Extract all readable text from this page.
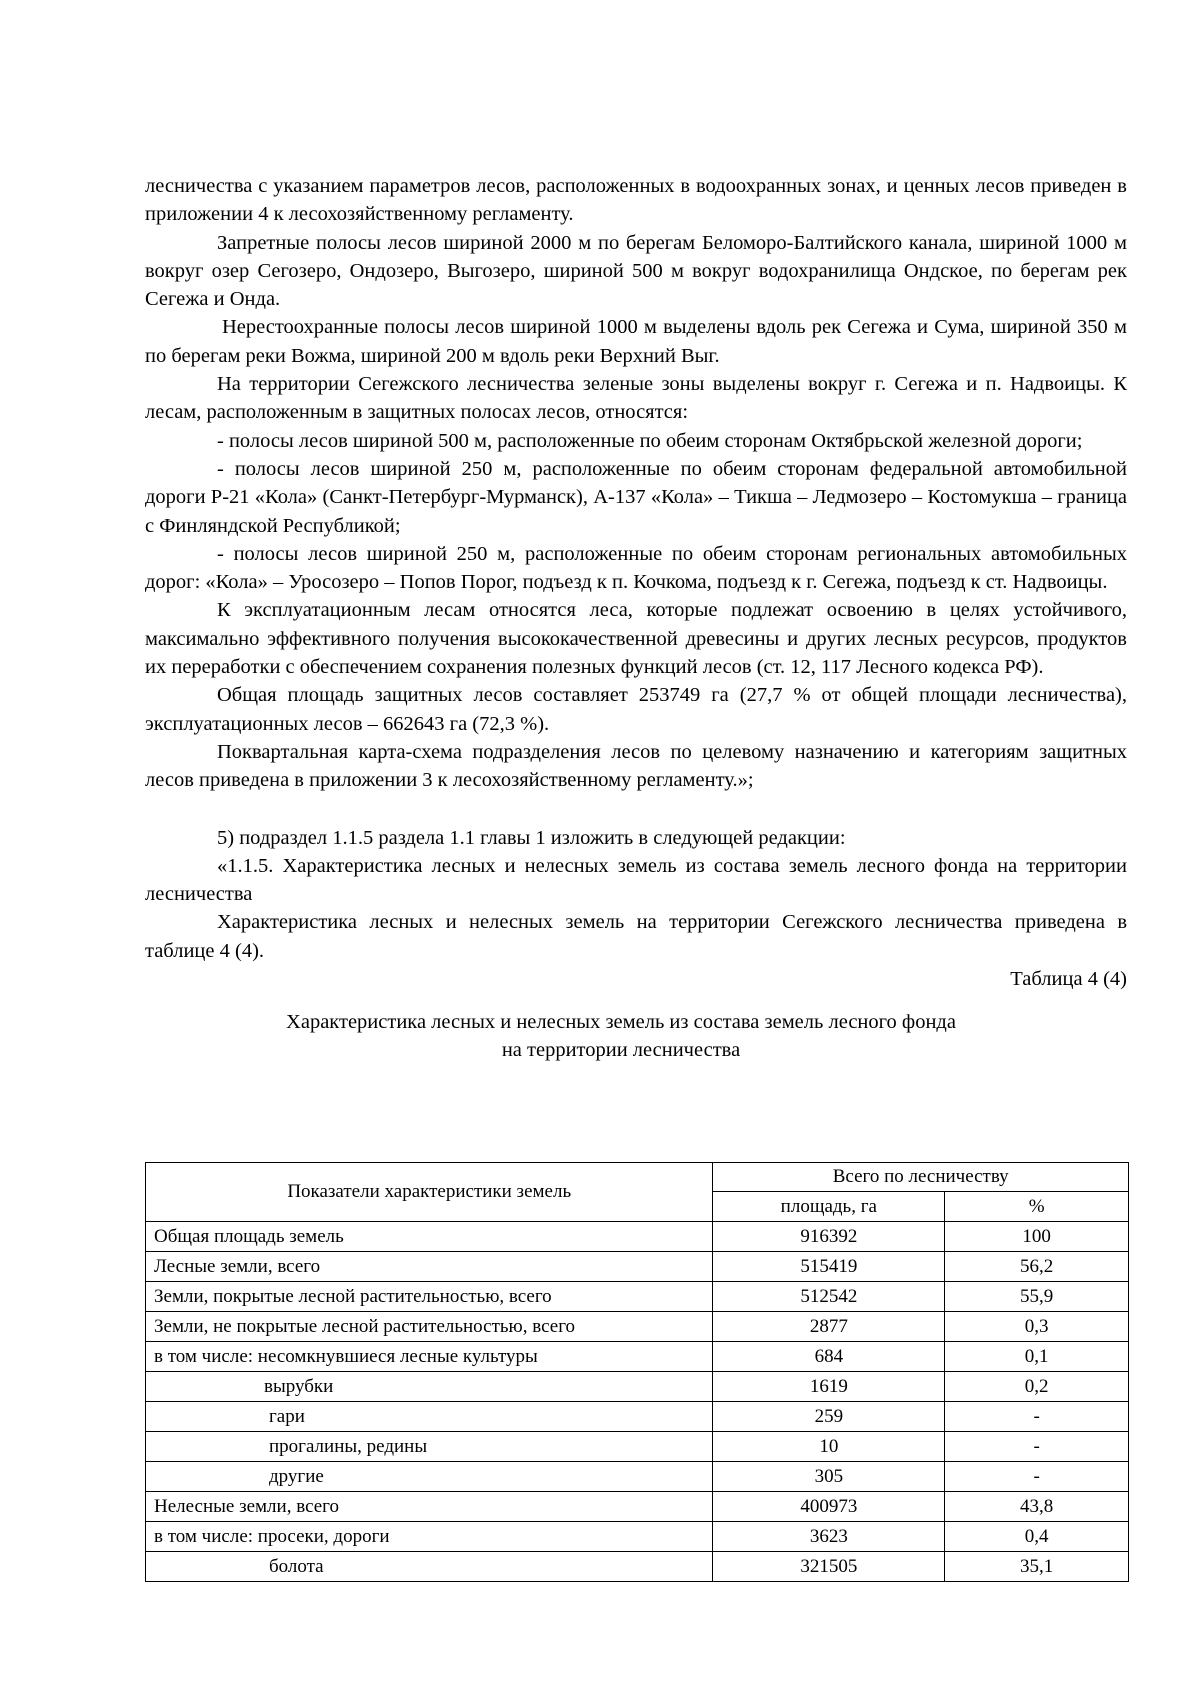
лесничества с указанием параметров лесов, расположенных в водоохранных зонах, и ценных лесов приведен в приложении 4 к лесохозяйственному регламенту.

Запретные полосы лесов шириной 2000 м по берегам Беломоро-Балтийского канала, шириной 1000 м вокруг озер Сегозеро, Ондозеро, Выгозеро, шириной 500 м вокруг водохранилища Ондское, по берегам рек Сегежа и Онда.

Нерестоохранные полосы лесов шириной 1000 м выделены вдоль рек Сегежа и Сума, шириной 350 м по берегам реки Вожма, шириной 200 м вдоль реки Верхний Выг.

На территории Сегежского лесничества зеленые зоны выделены вокруг г. Сегежа и п. Надвоицы. К лесам, расположенным в защитных полосах лесов, относятся:

- полосы лесов шириной 500 м, расположенные по обеим сторонам Октябрьской железной дороги;

- полосы лесов шириной 250 м, расположенные по обеим сторонам федеральной автомобильной дороги Р-21 «Кола» (Санкт-Петербург-Мурманск), А-137 «Кола» – Тикша – Ледмозеро – Костомукша – граница с Финляндской Республикой;

- полосы лесов шириной 250 м, расположенные по обеим сторонам региональных автомобильных дорог: «Кола» – Уросозеро – Попов Порог, подъезд к п. Кочкома, подъезд к г. Сегежа, подъезд к ст. Надвоицы.

К эксплуатационным лесам относятся леса, которые подлежат освоению в целях устойчивого, максимально эффективного получения высококачественной древесины и других лесных ресурсов, продуктов их переработки с обеспечением сохранения полезных функций лесов (ст. 12, 117 Лесного кодекса РФ).

Общая площадь защитных лесов составляет 253749 га (27,7 % от общей площади лесничества), эксплуатационных лесов – 662643 га (72,3 %).

Поквартальная карта-схема подразделения лесов по целевому назначению и категориям защитных лесов приведена в приложении 3 к лесохозяйственному регламенту.»;

5) подраздел 1.1.5 раздела 1.1 главы 1 изложить в следующей редакции:

«1.1.5. Характеристика лесных и нелесных земель из состава земель лесного фонда на территории лесничества

Характеристика лесных и нелесных земель на территории Сегежского лесничества приведена в таблице 4 (4).

Таблица 4 (4)
Характеристика лесных и нелесных земель из состава земель лесного фонда
на территории лесничества
Показатели характеристики земель	Всего по лесничеству	
	площадь, га	%
Общая площадь земель	916392	100
Лесные земли, всего	515419	56,2
Земли, покрытые лесной растительностью, всего	512542	55,9
Земли, не покрытые лесной растительностью, всего	2877	0,3
в том числе: несомкнувшиеся лесные культуры	684	0,1
вырубки	1619	0,2
гари	259	-
прогалины, редины	10	-
другие	305	-
Нелесные земли, всего	400973	43,8
в том числе: просеки, дороги	3623	0,4
болота	321505	35,1
